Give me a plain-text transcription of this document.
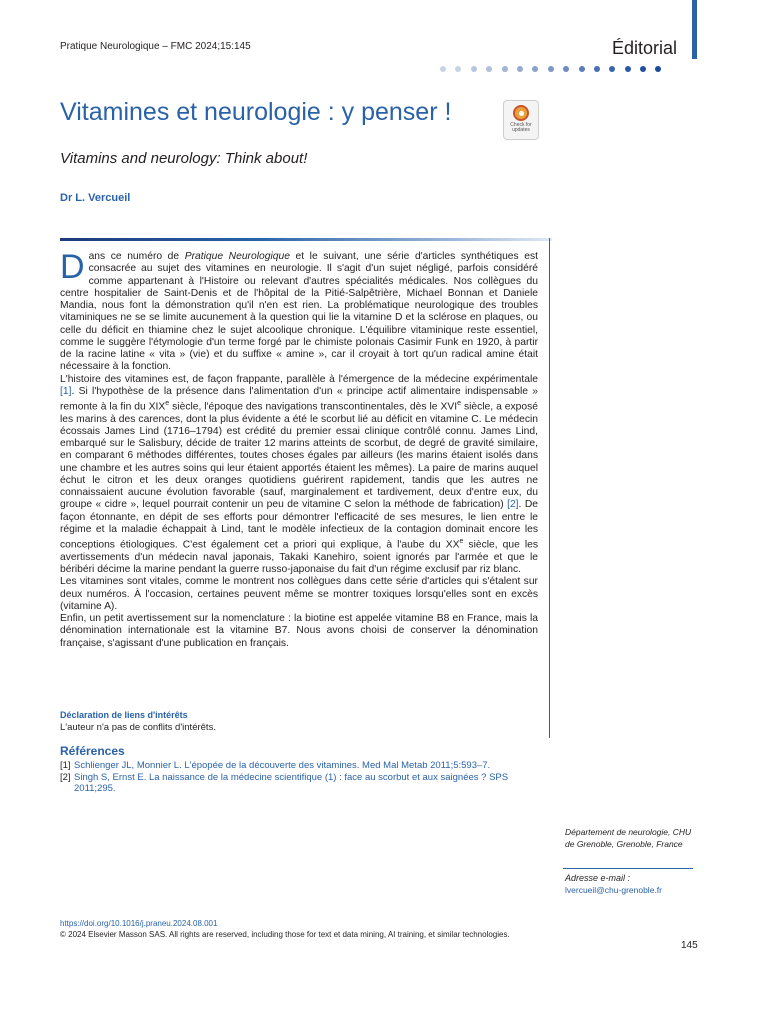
Pratique Neurologique – FMC 2024;15:145	Éditorial
Vitamines et neurologie : y penser !	Check for updates
Vitamins and neurology: Think about!
Dr L. Vercueil

Dans ce numéro de Pratique Neurologique et le suivant, une série d'articles synthétiques est consacrée au sujet des vitamines en neurologie. Il s'agit d'un sujet négligé, parfois considéré comme appartenant à l'Histoire ou relevant d'autres spécialités médicales. Nos collègues du centre hospitalier de Saint-Denis et de l'hôpital de la Pitié-Salpêtrière, Michael Bonnan et Daniele Mandia, nous font la démonstration qu'il n'en est rien. La problématique neurologique des troubles vitaminiques ne se se limite aucunement à la question qui lie la vitamine D et la sclérose en plaques, ou celle du déficit en thiamine chez le sujet alcoolique chronique. L'équilibre vitaminique reste essentiel, comme le suggère l'étymologie d'un terme forgé par le chimiste polonais Casimir Funk en 1920, à partir de la racine latine « vita » (vie) et du suffixe « amine », car il croyait à tort qu'un radical amine était nécessaire à la fonction.

L'histoire des vitamines est, de façon frappante, parallèle à l'émergence de la médecine expérimentale [1]. Si l'hypothèse de la présence dans l'alimentation d'un « principe actif alimentaire indispensable » remonte à la fin du XIXe siècle, l'époque des navigations transcontinentales, dès le XVIe siècle, a exposé les marins à des carences, dont la plus évidente a été le scorbut lié au déficit en vitamine C. Le médecin écossais James Lind (1716–1794) est crédité du premier essai clinique contrôlé connu. James Lind, embarqué sur le Salisbury, décide de traiter 12 marins atteints de scorbut, de degré de gravité similaire, en comparant 6 méthodes différentes, toutes choses égales par ailleurs (les marins étaient isolés dans une chambre et les autres soins qui leur étaient apportés étaient les mêmes). La paire de marins auquel échut le citron et les deux oranges quotidiens guérirent rapidement, tandis que les autres ne connaissaient aucune évolution favorable (sauf, marginalement et tardivement, deux d'entre eux, du groupe « cidre », lequel pourrait contenir un peu de vitamine C selon la méthode de fabrication) [2]. De façon étonnante, en dépit de ses efforts pour démontrer l'efficacité de ses mesures, le lien entre le régime et la maladie échappait à Lind, tant le modèle infectieux de la contagion dominait encore les conceptions étiologiques. C'est également cet a priori qui explique, à l'aube du XXe siècle, que les avertissements d'un médecin naval japonais, Takaki Kanehiro, soient ignorés par l'armée et que le béribéri décime la marine pendant la guerre russo-japonaise du fait d'un régime exclusif par riz blanc.

Les vitamines sont vitales, comme le montrent nos collègues dans cette série d'articles qui s'étalent sur deux numéros. À l'occasion, certaines peuvent même se montrer toxiques lorsqu'elles sont en excès (vitamine A).

Enfin, un petit avertissement sur la nomenclature : la biotine est appelée vitamine B8 en France, mais la dénomination internationale est la vitamine B7. Nous avons choisi de conserver la dénomination française, s'agissant d'une publication en français.

Déclaration de liens d'intérêts
L'auteur n'a pas de conflits d'intérêts.
Références
[1] Schlienger JL, Monnier L. L'épopée de la découverte des vitamines. Med Mal Metab 2011;5:593–7.
[2] Singh S, Ernst E. La naissance de la médecine scientifique (1) : face au scorbut et aux saignées ? SPS 2011;295.
Département de neurologie, CHU de Grenoble, Grenoble, France
Adresse e-mail :
lvercueil@chu-grenoble.fr
https://doi.org/10.1016/j.praneu.2024.08.001
© 2024 Elsevier Masson SAS. All rights are reserved, including those for text et data mining, AI training, et similar technologies.
145
